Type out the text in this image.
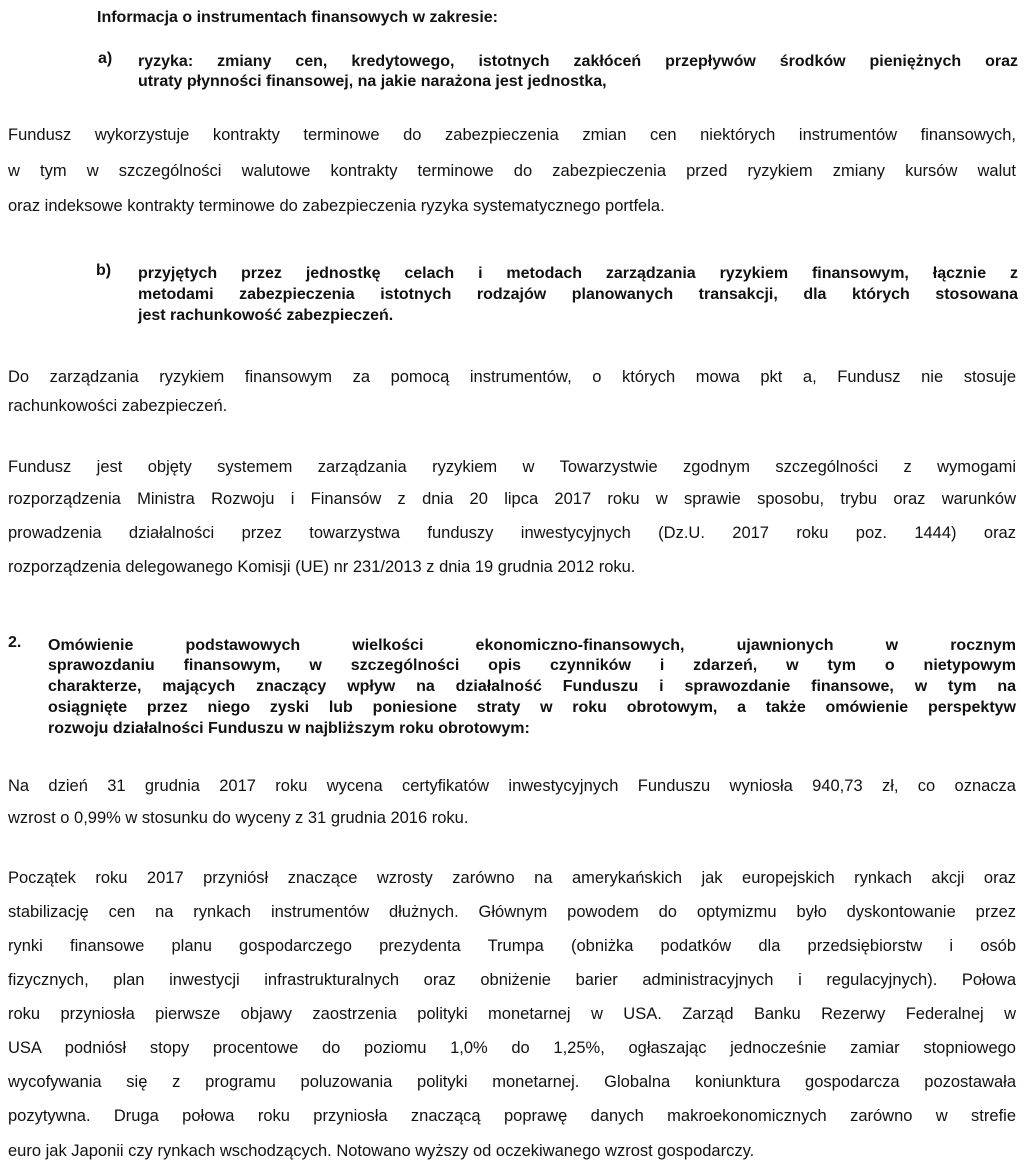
Informacja o instrumentach finansowych w zakresie:
a) ryzyka: zmiany cen, kredytowego, istotnych zakłóceń przepływów środków pieniężnych oraz
utraty płynności finansowej, na jakie narażona jest jednostka,
Fundusz wykorzystuje kontrakty terminowe do zabezpieczenia zmian cen niektórych instrumentów finansowych,
w tym w szczególności walutowe kontrakty terminowe do zabezpieczenia przed ryzykiem zmiany kursów walut
oraz indeksowe kontrakty terminowe do zabezpieczenia ryzyka systematycznego portfela.
b) przyjętych przez jednostkę celach i metodach zarządzania ryzykiem finansowym, łącznie z
metodami zabezpieczenia istotnych rodzajów planowanych transakcji, dla których stosowana
jest rachunkowość zabezpieczeń.
Do zarządzania ryzykiem finansowym za pomocą instrumentów, o których mowa pkt a, Fundusz nie stosuje
rachunkowości zabezpieczeń.
Fundusz jest objęty systemem zarządzania ryzykiem w Towarzystwie zgodnym szczególności z wymogami
rozporządzenia Ministra Rozwoju i Finansów z dnia 20 lipca 2017 roku w sprawie sposobu, trybu oraz warunków
prowadzenia działalności przez towarzystwa funduszy inwestycyjnych (Dz.U. 2017 roku poz. 1444) oraz
rozporządzenia delegowanego Komisji (UE) nr 231/2013 z dnia 19 grudnia 2012 roku.
2. Omówienie podstawowych wielkości ekonomiczno-finansowych, ujawnionych w rocznym
sprawozdaniu finansowym, w szczególności opis czynników i zdarzeń, w tym o nietypowym
charakterze, mających znaczący wpływ na działalność Funduszu i sprawozdanie finansowe, w tym na
osiągnięte przez niego zyski lub poniesione straty w roku obrotowym, a także omówienie perspektyw
rozwoju działalności Funduszu w najbliższym roku obrotowym:
Na dzień 31 grudnia 2017 roku wycena certyfikatów inwestycyjnych Funduszu wyniosła 940,73 zł, co oznacza
wzrost o 0,99% w stosunku do wyceny z 31 grudnia 2016 roku.
Początek roku 2017 przyniósł znaczące wzrosty zarówno na amerykańskich jak europejskich rynkach akcji oraz
stabilizację cen na rynkach instrumentów dłużnych. Głównym powodem do optymizmu było dyskontowanie przez
rynki finansowe planu gospodarczego prezydenta Trumpa (obniżka podatków dla przedsiębiorstw i osób
fizycznych, plan inwestycji infrastrukturalnych oraz obniżenie barier administracyjnych i regulacyjnych). Połowa
roku przyniosła pierwsze objawy zaostrzenia polityki monetarnej w USA. Zarząd Banku Rezerwy Federalnej w
USA podniósł stopy procentowe do poziomu 1,0% do 1,25%, ogłaszając jednocześnie zamiar stopniowego
wycofywania się z programu poluzowania polityki monetarnej. Globalna koniunktura gospodarcza pozostawała
pozytywna. Druga połowa roku przyniosła znaczącą poprawę danych makroekonomicznych zarówno w strefie
euro jak Japonii czy rynkach wschodzących. Notowano wyższy od oczekiwanego wzrost gospodarczy.
